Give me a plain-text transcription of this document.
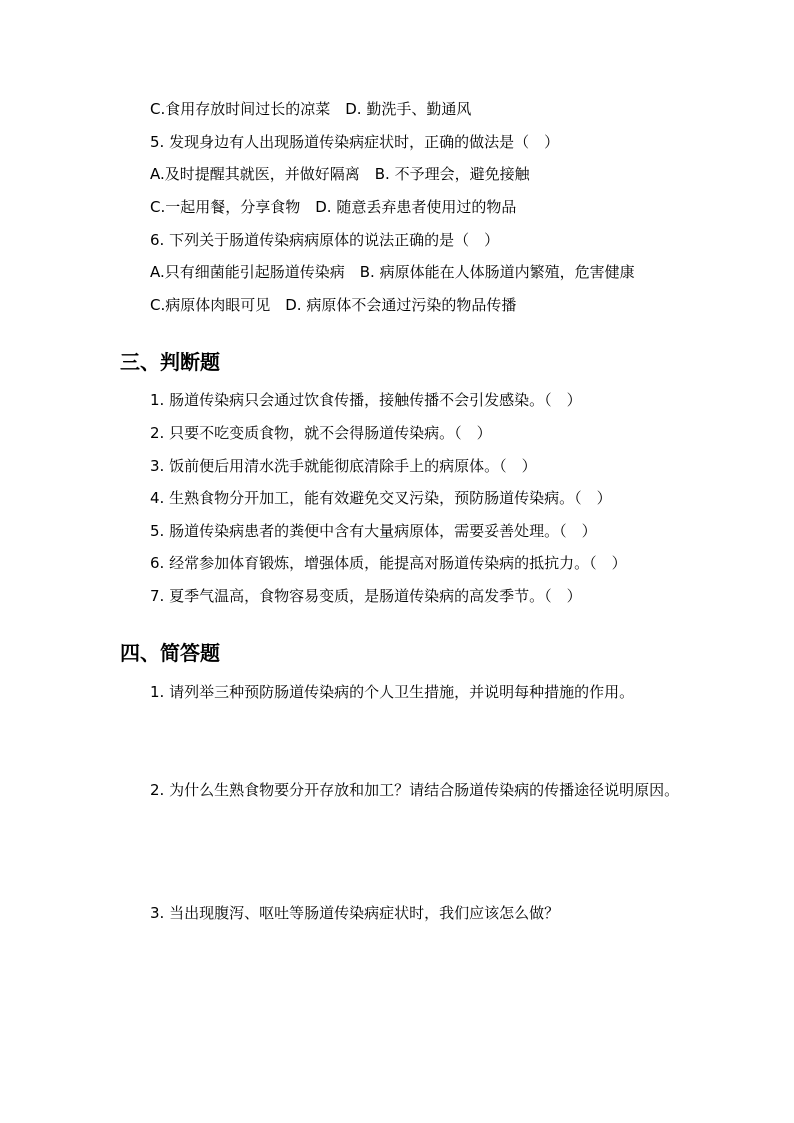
C.食用存放时间过长的凉菜　D. 勤洗手、勤通风
5. 发现身边有人出现肠道传染病症状时，正确的做法是（　）
A.及时提醒其就医，并做好隔离　B. 不予理会，避免接触
C.一起用餐，分享食物　D. 随意丢弃患者使用过的物品
6. 下列关于肠道传染病病原体的说法正确的是（　）
A.只有细菌能引起肠道传染病　B. 病原体能在人体肠道内繁殖，危害健康
C.病原体肉眼可见　D. 病原体不会通过污染的物品传播
三、判断题
1. 肠道传染病只会通过饮食传播，接触传播不会引发感染。（　）
2. 只要不吃变质食物，就不会得肠道传染病。（　）
3. 饭前便后用清水洗手就能彻底清除手上的病原体。（　）
4. 生熟食物分开加工，能有效避免交叉污染，预防肠道传染病。（　）
5. 肠道传染病患者的粪便中含有大量病原体，需要妥善处理。（　）
6. 经常参加体育锻炼，增强体质，能提高对肠道传染病的抵抗力。（　）
7. 夏季气温高，食物容易变质，是肠道传染病的高发季节。（　）
四、简答题
1. 请列举三种预防肠道传染病的个人卫生措施，并说明每种措施的作用。
2. 为什么生熟食物要分开存放和加工？请结合肠道传染病的传播途径说明原因。
3. 当出现腹泻、呕吐等肠道传染病症状时，我们应该怎么做？
